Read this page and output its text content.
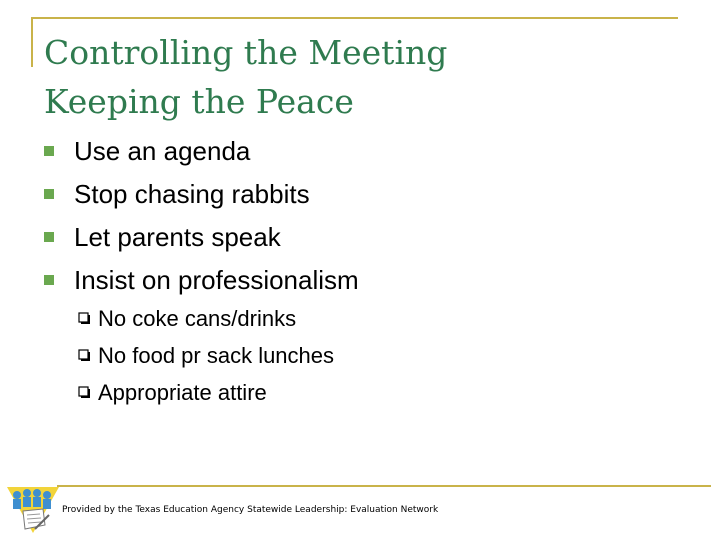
Controlling the Meeting
Keeping the Peace
Use an agenda
Stop chasing rabbits
Let parents speak
Insist on professionalism
No coke cans/drinks
No food pr sack lunches
Appropriate attire
Provided by the Texas Education Agency Statewide Leadership: Evaluation Network
